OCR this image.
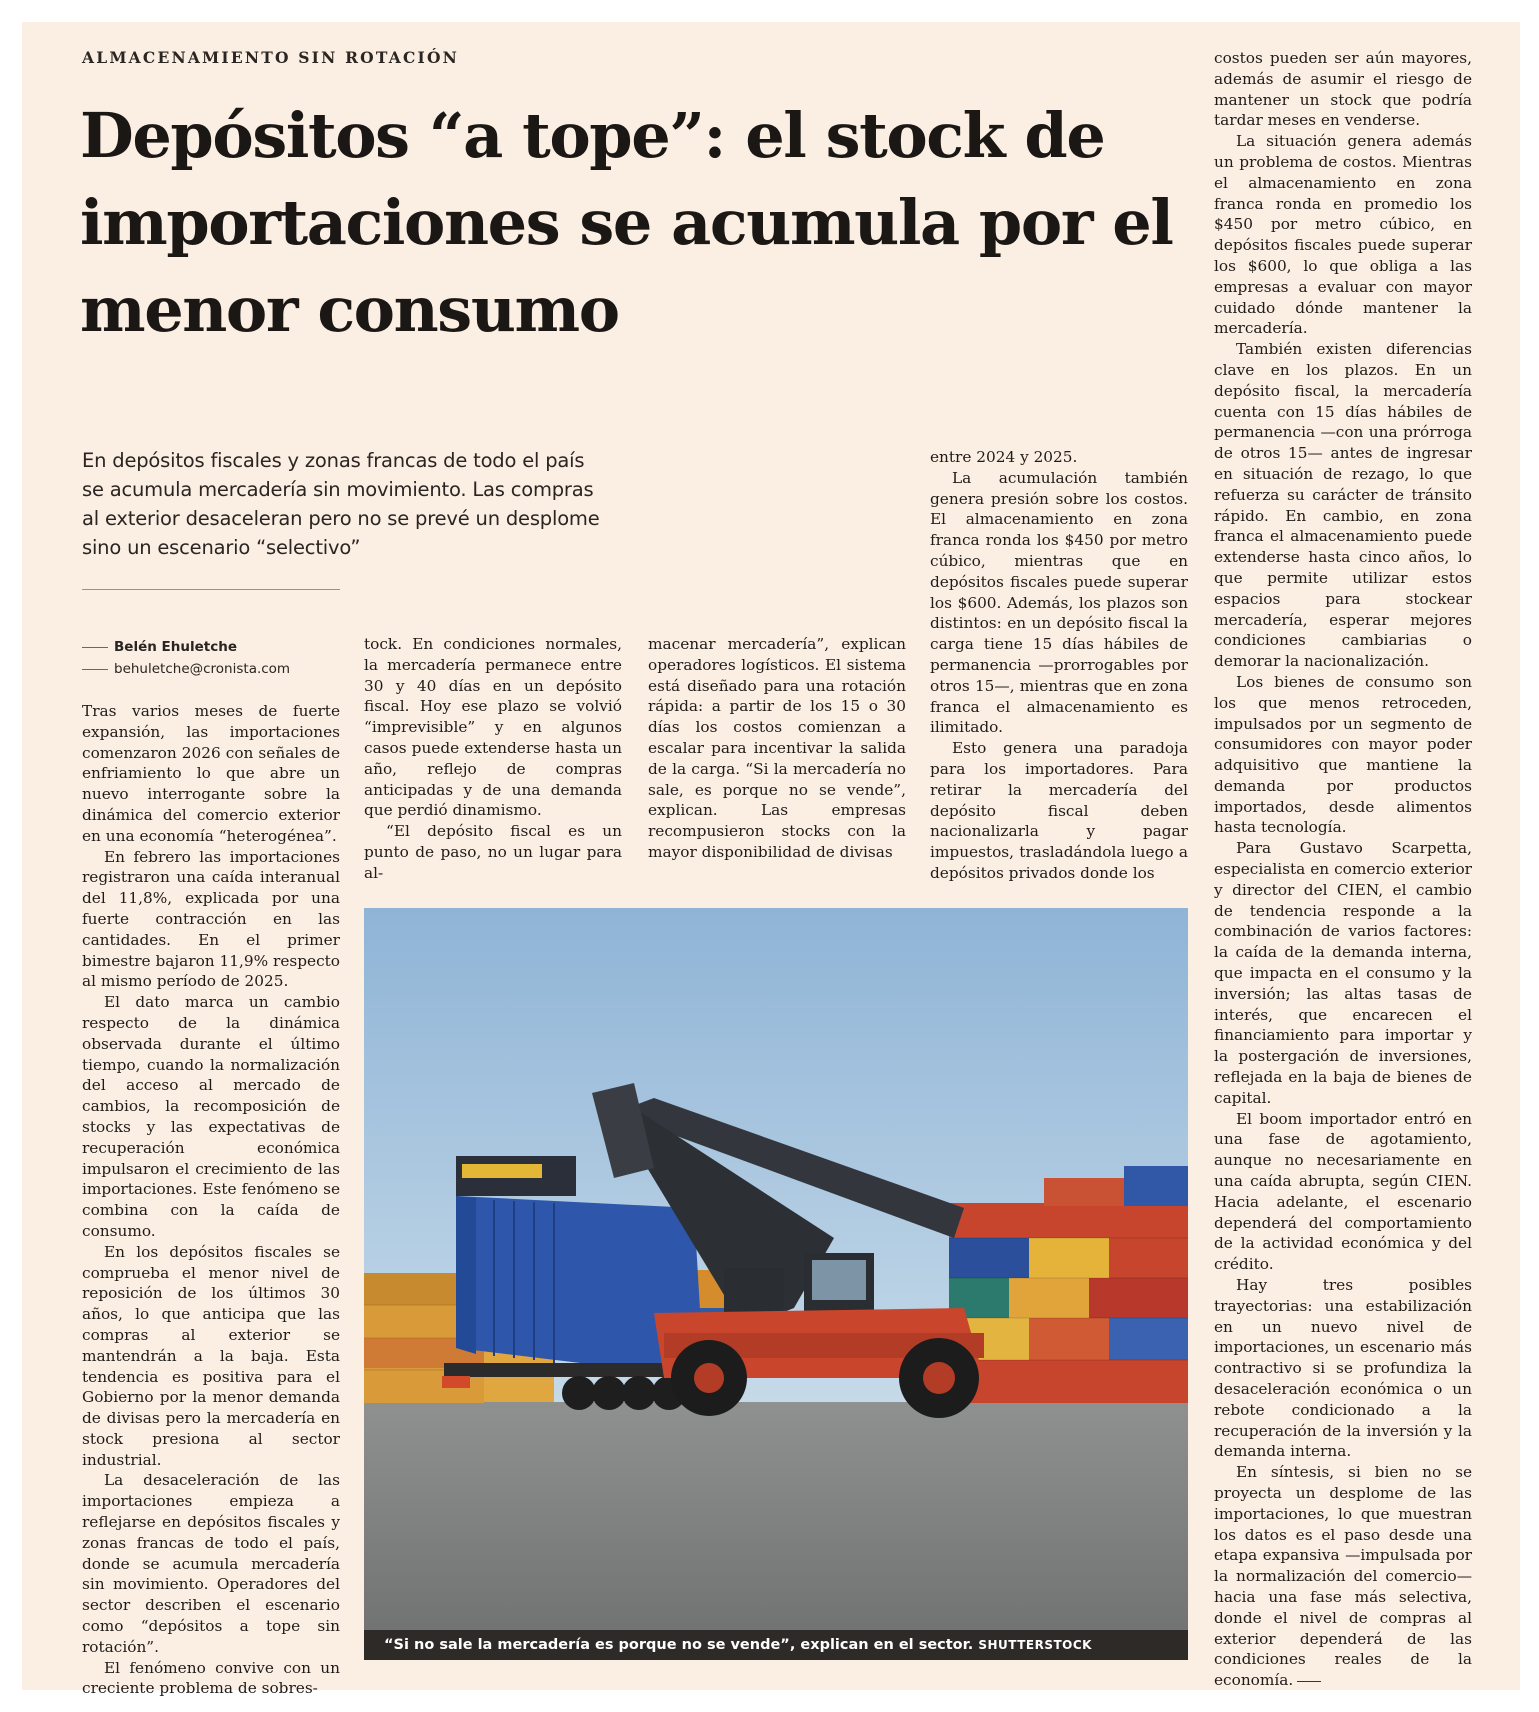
ALMACENAMIENTO SIN ROTACIÓN
Depósitos “a tope”: el stock de importaciones se acumula por el menor consumo
En depósitos fiscales y zonas francas de todo el país se acumula mercadería sin movimiento. Las compras al exterior desaceleran pero no se prevé un desplome sino un escenario “selectivo”
Belén Ehuletche
behuletche@cronista.com

Tras varios meses de fuerte expansión, las importaciones comenzaron 2026 con señales de enfriamiento lo que abre un nuevo interrogante sobre la dinámica del comercio exterior en una economía “heterogénea”.

En febrero las importaciones registraron una caída interanual del 11,8%, explicada por una fuerte contracción en las cantidades. En el primer bimestre bajaron 11,9% respecto al mismo período de 2025.

El dato marca un cambio respecto de la dinámica observada durante el último tiempo, cuando la normalización del acceso al mercado de cambios, la recomposición de stocks y las expectativas de recuperación económica impulsaron el crecimiento de las importaciones. Este fenómeno se combina con la caída de consumo.

En los depósitos fiscales se comprueba el menor nivel de reposición de los últimos 30 años, lo que anticipa que las compras al exterior se mantendrán a la baja. Esta tendencia es positiva para el Gobierno por la menor demanda de divisas pero la mercadería en stock presiona al sector industrial.

La desaceleración de las importaciones empieza a reflejarse en depósitos fiscales y zonas francas de todo el país, donde se acumula mercadería sin movimiento. Operadores del sector describen el escenario como “depósitos a tope sin rotación”.

El fenómeno convive con un creciente problema de sobres-

tock. En condiciones normales, la mercadería permanece entre 30 y 40 días en un depósito fiscal. Hoy ese plazo se volvió “imprevisible” y en algunos casos puede extenderse hasta un año, reflejo de compras anticipadas y de una demanda que perdió dinamismo.

“El depósito fiscal es un punto de paso, no un lugar para al-

macenar mercadería”, explican operadores logísticos. El sistema está diseñado para una rotación rápida: a partir de los 15 o 30 días los costos comienzan a escalar para incentivar la salida de la carga. “Si la mercadería no sale, es porque no se vende”, explican. Las empresas recompusieron stocks con la mayor disponibilidad de divisas

entre 2024 y 2025.

La acumulación también genera presión sobre los costos. El almacenamiento en zona franca ronda los $450 por metro cúbico, mientras que en depósitos fiscales puede superar los $600. Además, los plazos son distintos: en un depósito fiscal la carga tiene 15 días hábiles de permanencia —prorrogables por otros 15—, mientras que en zona franca el almacenamiento es ilimitado.

Esto genera una paradoja para los importadores. Para retirar la mercadería del depósito fiscal deben nacionalizarla y pagar impuestos, trasladándola luego a depósitos privados donde los

costos pueden ser aún mayores, además de asumir el riesgo de mantener un stock que podría tardar meses en venderse.

La situación genera además un problema de costos. Mientras el almacenamiento en zona franca ronda en promedio los $450 por metro cúbico, en depósitos fiscales puede superar los $600, lo que obliga a las empresas a evaluar con mayor cuidado dónde mantener la mercadería.

También existen diferencias clave en los plazos. En un depósito fiscal, la mercadería cuenta con 15 días hábiles de permanencia —con una prórroga de otros 15— antes de ingresar en situación de rezago, lo que refuerza su carácter de tránsito rápido. En cambio, en zona franca el almacenamiento puede extenderse hasta cinco años, lo que permite utilizar estos espacios para stockear mercadería, esperar mejores condiciones cambiarias o demorar la nacionalización.

Los bienes de consumo son los que menos retroceden, impulsados por un segmento de consumidores con mayor poder adquisitivo que mantiene la demanda por productos importados, desde alimentos hasta tecnología.

Para Gustavo Scarpetta, especialista en comercio exterior y director del CIEN, el cambio de tendencia responde a la combinación de varios factores: la caída de la demanda interna, que impacta en el consumo y la inversión; las altas tasas de interés, que encarecen el financiamiento para importar y la postergación de inversiones, reflejada en la baja de bienes de capital.

El boom importador entró en una fase de agotamiento, aunque no necesariamente en una caída abrupta, según CIEN. Hacia adelante, el escenario dependerá del comportamiento de la actividad económica y del crédito.

Hay tres posibles trayectorias: una estabilización en un nuevo nivel de importaciones, un escenario más contractivo si se profundiza la desaceleración económica o un rebote condicionado a la recuperación de la inversión y la demanda interna.

En síntesis, si bien no se proyecta un desplome de las importaciones, lo que muestran los datos es el paso desde una etapa expansiva —impulsada por la normalización del comercio— hacia una fase más selectiva, donde el nivel de compras al exterior dependerá de las condiciones reales de la economía.

“Si no sale la mercadería es porque no se vende”, explican en el sector. SHUTTERSTOCK
